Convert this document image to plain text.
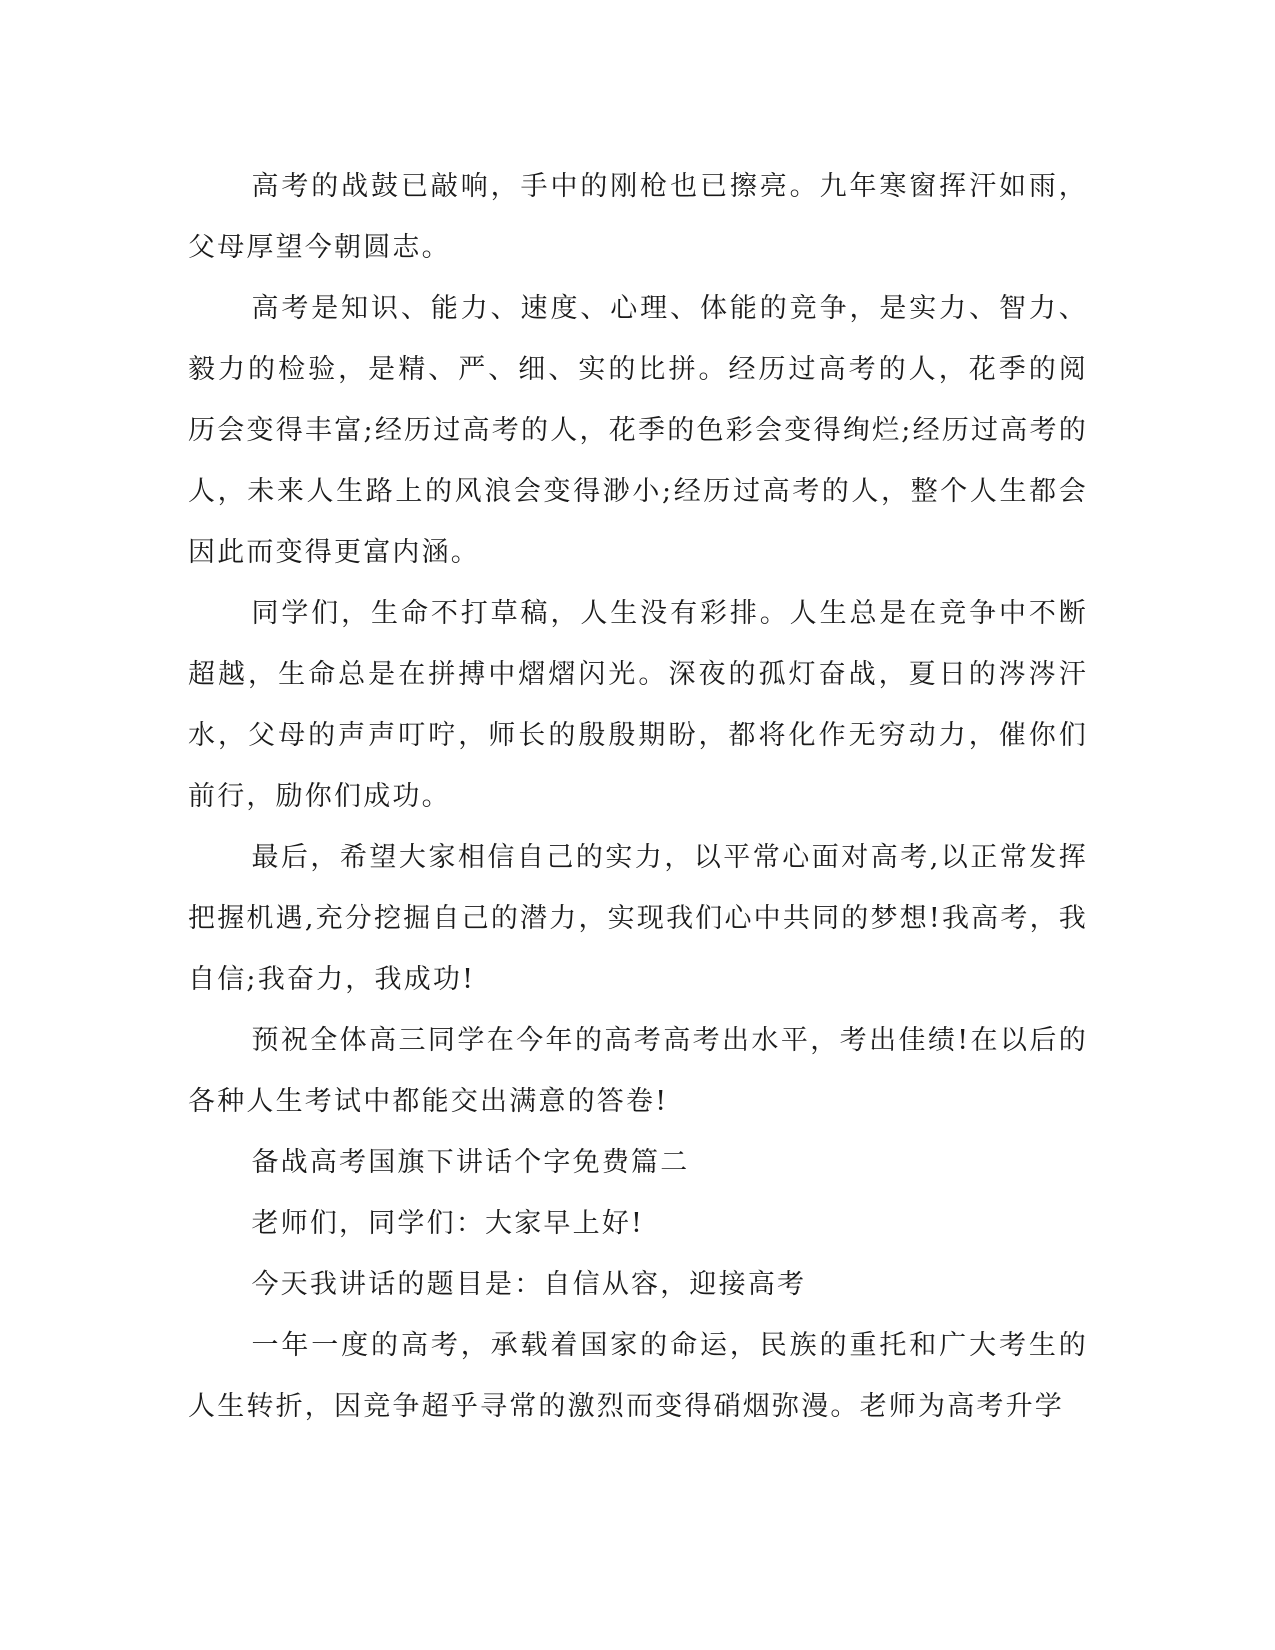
高考的战鼓已敲响，手中的刚枪也已擦亮。九年寒窗挥汗如雨，父母厚望今朝圆志。

高考是知识、能力、速度、心理、体能的竞争，是实力、智力、毅力的检验，是精、严、细、实的比拼。经历过高考的人，花季的阅历会变得丰富;经历过高考的人，花季的色彩会变得绚烂;经历过高考的人，未来人生路上的风浪会变得渺小;经历过高考的人，整个人生都会因此而变得更富内涵。

同学们，生命不打草稿，人生没有彩排。人生总是在竞争中不断超越，生命总是在拼搏中熠熠闪光。深夜的孤灯奋战，夏日的涔涔汗水，父母的声声叮咛，师长的殷殷期盼，都将化作无穷动力，催你们前行，励你们成功。

最后，希望大家相信自己的实力，以平常心面对高考,以正常发挥把握机遇,充分挖掘自己的潜力，实现我们心中共同的梦想!我高考，我自信;我奋力，我成功!

预祝全体高三同学在今年的高考高考出水平，考出佳绩!在以后的各种人生考试中都能交出满意的答卷!

备战高考国旗下讲话个字免费篇二

老师们，同学们：大家早上好!

今天我讲话的题目是：自信从容，迎接高考

一年一度的高考，承载着国家的命运，民族的重托和广大考生的人生转折，因竞争超乎寻常的激烈而变得硝烟弥漫。老师为高考升学
